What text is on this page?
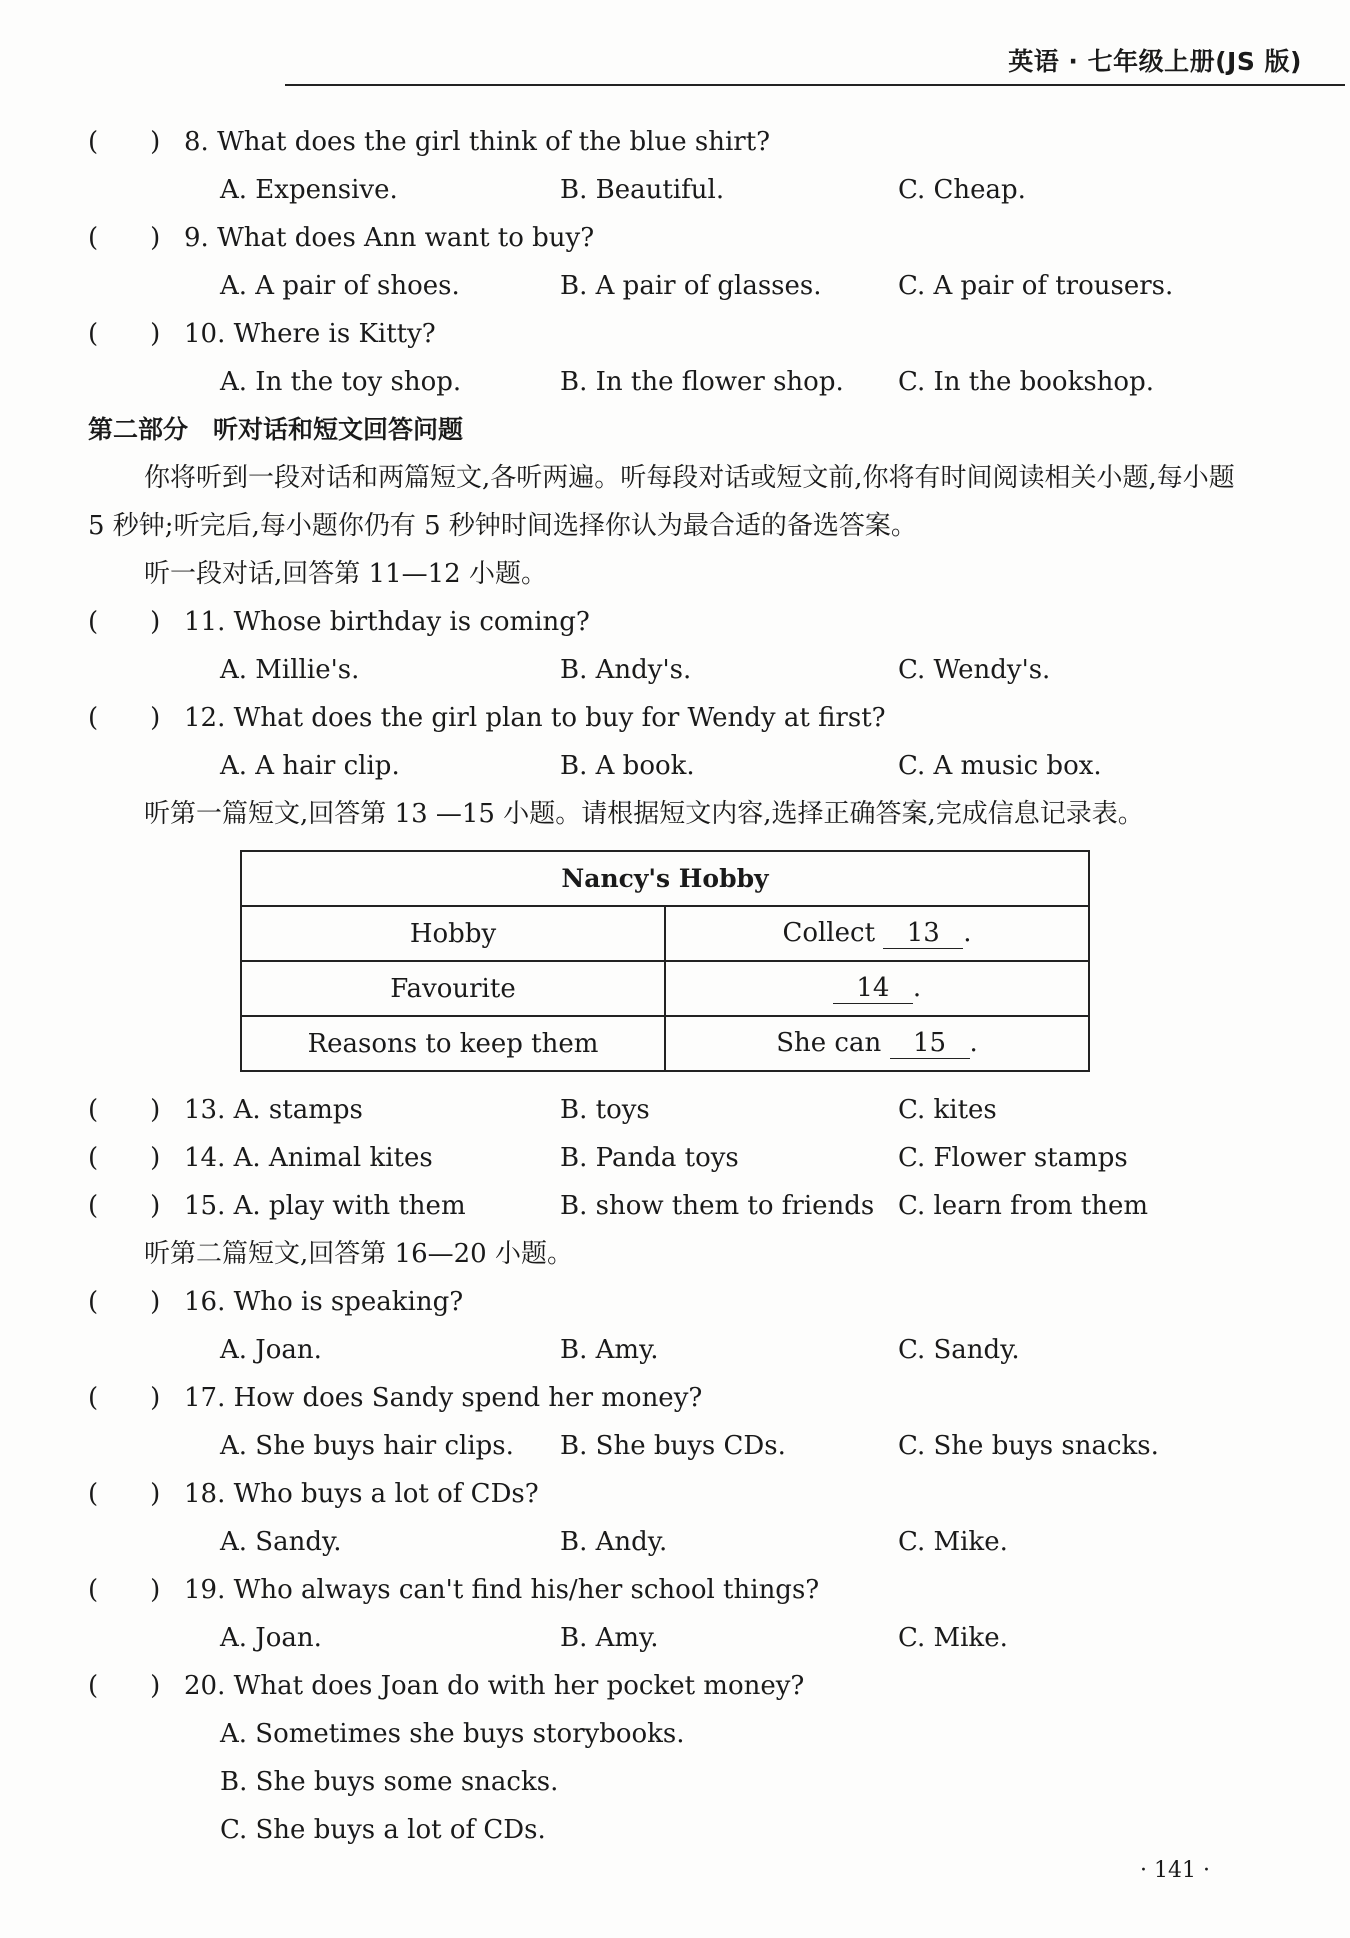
英语 · 七年级上册(JS 版)
(　　) 8. What does the girl think of the blue shirt?
A. Expensive.	B. Beautiful.	C. Cheap.
(　　) 9. What does Ann want to buy?
A. A pair of shoes.	B. A pair of glasses.	C. A pair of trousers.
(　　) 10. Where is Kitty?
A. In the toy shop.	B. In the flower shop. C. In the bookshop.
第二部分　听对话和短文回答问题
你将听到一段对话和两篇短文,各听两遍。听每段对话或短文前,你将有时间阅读相关小题,每小题 5 秒钟;听完后,每小题你仍有 5 秒钟时间选择你认为最合适的备选答案。
听一段对话,回答第 11—12 小题。
(　　) 11. Whose birthday is coming?
A. Millie's.	B. Andy's.	C. Wendy's.
(　　) 12. What does the girl plan to buy for Wendy at first?
A. A hair clip.	B. A book.	C. A music box.
听第一篇短文,回答第 13 —15 小题。请根据短文内容,选择正确答案,完成信息记录表。
Nancy's Hobby	
Hobby	Collect 13 .
Favourite	14 .
Reasons to keep them	She can 15 .
(　　) 13. A. stamps	B. toys	C. kites
(　　) 14. A. Animal kites	B. Panda toys	C. Flower stamps
(　　) 15. A. play with them	B. show them to friends C. learn from them
听第二篇短文,回答第 16—20 小题。
(　　) 16. Who is speaking?
A. Joan.	B. Amy.	C. Sandy.
(　　) 17. How does Sandy spend her money?
A. She buys hair clips. B. She buys CDs.	C. She buys snacks.
(　　) 18. Who buys a lot of CDs?
A. Sandy.	B. Andy.	C. Mike.
(　　) 19. Who always can't find his/her school things?
A. Joan.	B. Amy.	C. Mike.
(　　) 20. What does Joan do with her pocket money?
A. Sometimes she buys storybooks.
B. She buys some snacks.
C. She buys a lot of CDs.
· 141 ·
